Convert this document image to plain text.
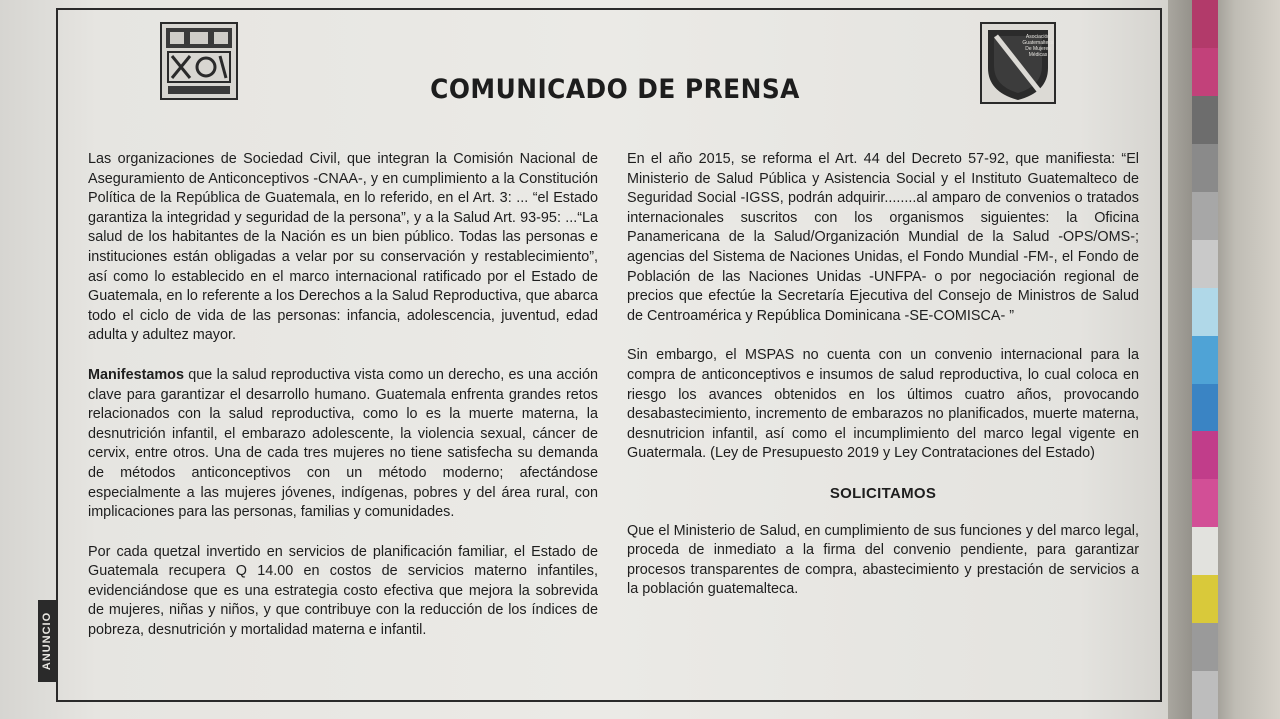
ANUNCIO
Asociación
Guatemalteca
De Mujeres
Médicas
COMUNICADO DE PRENSA

Las organizaciones de Sociedad Civil, que integran la Comisión Nacional de Aseguramiento de Anticonceptivos -CNAA-, y en cumplimiento a la Constitución Política de la República de Guatemala, en lo referido, en el Art. 3: ... “el Estado garantiza la integridad y seguridad de la persona”, y a la Salud Art. 93-95: ...“La salud de los habitantes de la Nación es un bien público. Todas las personas e instituciones están obligadas a velar por su conservación y restablecimiento”, así como lo establecido en el marco internacional ratificado por el Estado de Guatemala, en lo referente a los Derechos a la Salud Reproductiva, que abarca todo el ciclo de vida de las personas: infancia, adolescencia, juventud, edad adulta y adultez mayor.

Manifestamos que la salud reproductiva vista como un derecho, es una acción clave para garantizar el desarrollo humano. Guatemala enfrenta grandes retos relacionados con la salud reproductiva, como lo es la muerte materna, la desnutrición infantil, el embarazo adolescente, la violencia sexual, cáncer de cervix, entre otros. Una de cada tres mujeres no tiene satisfecha su demanda de métodos anticonceptivos con un método moderno; afectándose especialmente a las mujeres jóvenes, indígenas, pobres y del área rural, con implicaciones para las personas, familias y comunidades.

Por cada quetzal invertido en servicios de planificación familiar, el Estado de Guatemala recupera Q 14.00 en costos de servicios materno infantiles, evidenciándose que es una estrategia costo efectiva que mejora la sobrevida de mujeres, niñas y niños, y que contribuye con la reducción de los índices de pobreza, desnutrición y mortalidad materna e infantil.

En el año 2015, se reforma el Art. 44 del Decreto 57-92, que manifiesta: “El Ministerio de Salud Pública y Asistencia Social y el Instituto Guatemalteco de Seguridad Social -IGSS, podrán adquirir........al amparo de convenios o tratados internacionales suscritos con los organismos siguientes: la Oficina Panamericana de la Salud/Organización Mundial de la Salud -OPS/OMS-; agencias del Sistema de Naciones Unidas, el Fondo Mundial -FM-, el Fondo de Población de las Naciones Unidas -UNFPA- o por negociación regional de precios que efectúe la Secretaría Ejecutiva del Consejo de Ministros de Salud de Centroamérica y República Dominicana -SE-COMISCA- ”

Sin embargo, el MSPAS no cuenta con un convenio internacional para la compra de anticonceptivos e insumos de salud reproductiva, lo cual coloca en riesgo los avances obtenidos en los últimos cuatro años, provocando desabastecimiento, incremento de embarazos no planificados, muerte materna, desnutricion infantil, así como el incumplimiento del marco legal vigente en Guatermala. (Ley de Presupuesto 2019 y Ley Contrataciones del Estado)

SOLICITAMOS

Que el Ministerio de Salud, en cumplimiento de sus funciones y del marco legal, proceda de inmediato a la firma del convenio pendiente, para garantizar procesos transparentes de compra, abastecimiento y prestación de servicios a la población guatemalteca.
